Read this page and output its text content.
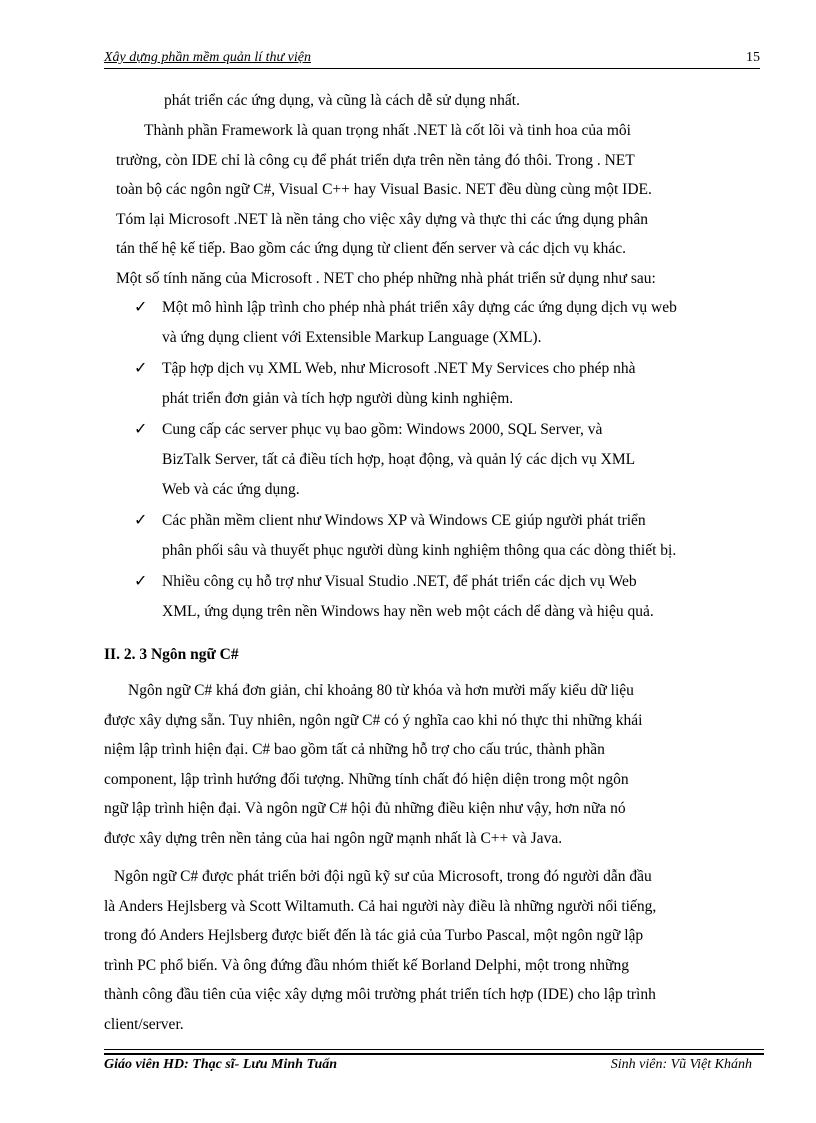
Xây dựng phần mềm quản lí thư viện	15
phát triển các ứng dụng, và cũng là cách dễ sử dụng nhất.
Thành phần Framework là quan trọng nhất .NET là cốt lõi và tinh hoa của môi
trường, còn IDE chỉ là công cụ để phát triển dựa trên nền tảng đó thôi. Trong . NET
toàn bộ các ngôn ngữ C#, Visual C++ hay Visual Basic. NET đều dùng cùng một IDE.
Tóm lại Microsoft .NET là nền tảng cho việc xây dựng và thực thi các ứng dụng phân
tán thế hệ kế tiếp. Bao gồm các ứng dụng từ client đến server và các dịch vụ khác.
Một số tính năng của Microsoft . NET cho phép những nhà phát triển sử dụng như sau:
✓ Một mô hình lập trình cho phép nhà phát triển xây dựng các ứng dụng dịch vụ web
và ứng dụng client với Extensible Markup Language (XML).
✓ Tập hợp dịch vụ XML Web, như Microsoft .NET My Services cho phép nhà
phát triển đơn giản và tích hợp người dùng kinh nghiệm.
✓ Cung cấp các server phục vụ bao gồm: Windows 2000, SQL Server, và
BizTalk Server, tất cả điều tích hợp, hoạt động, và quản lý các dịch vụ XML
Web và các ứng dụng.
✓ Các phần mềm client như Windows XP và Windows CE giúp người phát triển
phân phối sâu và thuyết phục người dùng kinh nghiệm thông qua các dòng thiết bị.
✓ Nhiều công cụ hỗ trợ như Visual Studio .NET, để phát triển các dịch vụ Web
XML, ứng dụng trên nền Windows hay nền web một cách dể dàng và hiệu quả.
II. 2. 3 Ngôn ngữ C#
Ngôn ngữ C# khá đơn giản, chỉ khoảng 80 từ khóa và hơn mười mấy kiểu dữ liệu
được xây dựng sẵn. Tuy nhiên, ngôn ngữ C# có ý nghĩa cao khi nó thực thi những khái
niệm lập trình hiện đại. C# bao gồm tất cả những hỗ trợ cho cấu trúc, thành phần
component, lập trình hướng đối tượng. Những tính chất đó hiện diện trong một ngôn
ngữ lập trình hiện đại. Và ngôn ngữ C# hội đủ những điều kiện như vậy, hơn nữa nó
được xây dựng trên nền tảng của hai ngôn ngữ mạnh nhất là C++ và Java.
Ngôn ngữ C# được phát triển bởi đội ngũ kỹ sư của Microsoft, trong đó người dẫn đầu
là Anders Hejlsberg và Scott Wiltamuth. Cả hai người này điều là những người nổi tiếng,
trong đó Anders Hejlsberg được biết đến là tác giả của Turbo Pascal, một ngôn ngữ lập
trình PC phổ biến. Và ông đứng đầu nhóm thiết kế Borland Delphi, một trong những
thành công đầu tiên của việc xây dựng môi trường phát triển tích hợp (IDE) cho lập trình
client/server.
Giáo viên HD: Thạc sĩ- Lưu Minh Tuấn	Sinh viên: Vũ Việt Khánh
